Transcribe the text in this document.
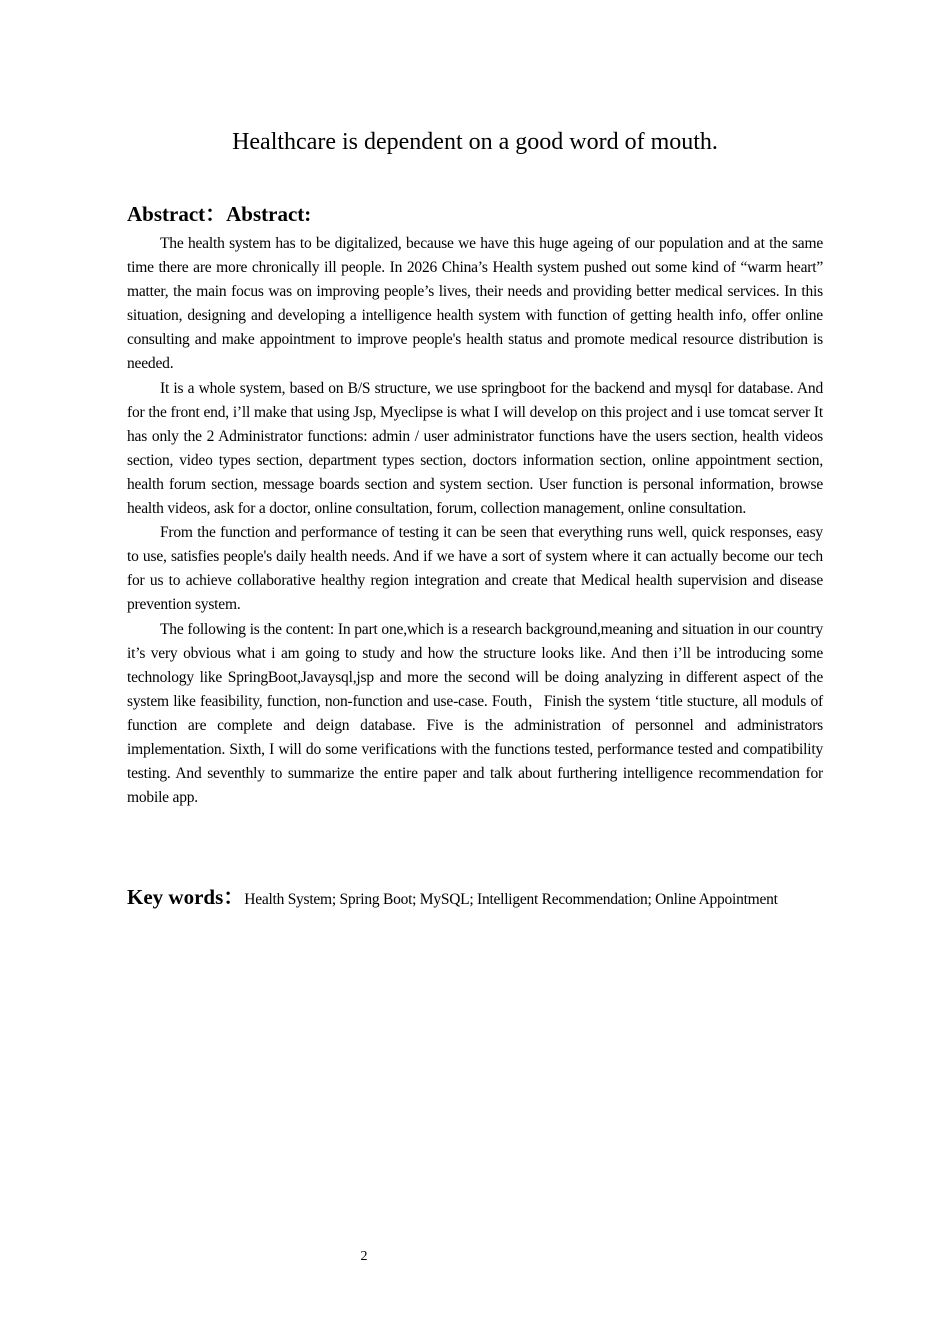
Healthcare is dependent on a good word of mouth.
Abstract：Abstract:

The health system has to be digitalized, because we have this huge ageing of our population and at the same time there are more chronically ill people. In 2026 China’s Health system pushed out some kind of “warm heart” matter, the main focus was on improving people’s lives, their needs and providing better medical services. In this situation, designing and developing a intelligence health system with function of getting health info, offer online consulting and make appointment to improve people's health status and promote medical resource distribution is needed.

It is a whole system, based on B/S structure, we use springboot for the backend and mysql for database. And for the front end, i’ll make that using Jsp, Myeclipse is what I will develop on this project and i use tomcat server It has only the 2 Administrator functions: admin / user administrator functions have the users section, health videos section, video types section, department types section, doctors information section, online appointment section, health forum section, message boards section and system section. User function is personal information, browse health videos, ask for a doctor, online consultation, forum, collection management, online consultation.

From the function and performance of testing it can be seen that everything runs well, quick responses, easy to use, satisfies people's daily health needs. And if we have a sort of system where it can actually become our tech for us to achieve collaborative healthy region integration and create that Medical health supervision and disease prevention system.

The following is the content: In part one,which is a research background,meaning and situation in our country it’s very obvious what i am going to study and how the structure looks like. And then i’ll be introducing some technology like SpringBoot,Javaysql,jsp and more the second will be doing analyzing in different aspect of the system like feasibility, function, non-function and use-case. Fouth，Finish the system ‘title stucture, all moduls of function are complete and deign database. Five is the administration of personnel and administrators implementation. Sixth, I will do some verifications with the functions tested, performance tested and compatibility testing. And seventhly to summarize the entire paper and talk about furthering intelligence recommendation for mobile app.

Key words：Health System; Spring Boot; MySQL; Intelligent Recommendation; Online Appointment
2
